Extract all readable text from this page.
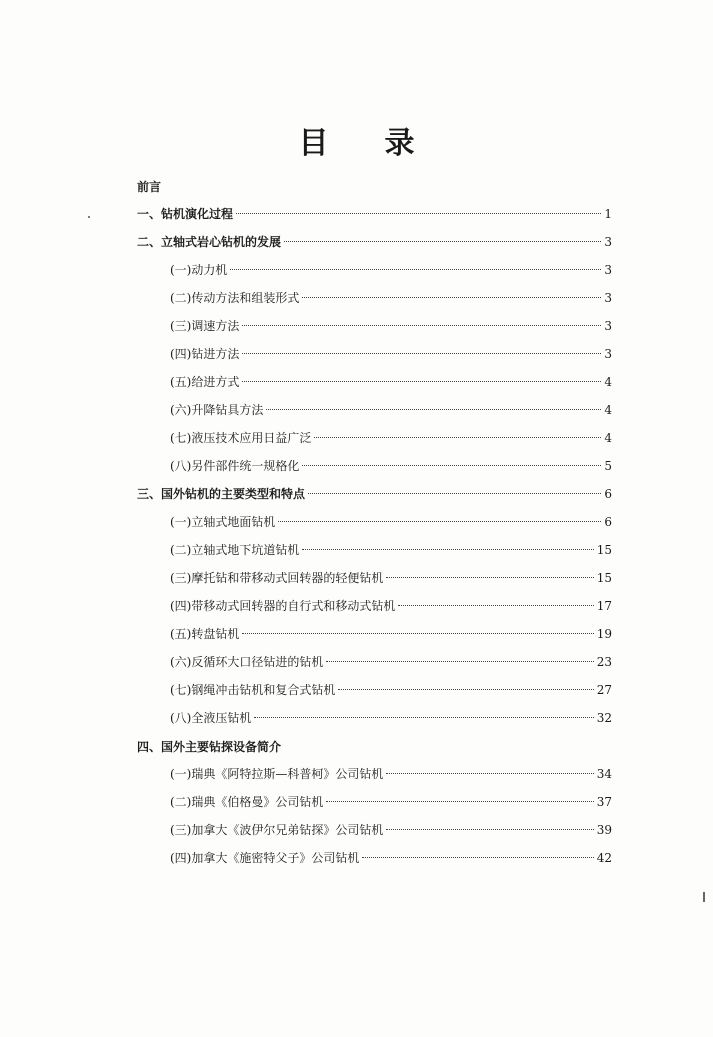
目 录
前言
一、钻机演化过程	1
二、立轴式岩心钻机的发展	3
(一)动力机	3
(二)传动方法和组装形式	3
(三)调速方法	3
(四)钻进方法	3
(五)给进方式	4
(六)升降钻具方法	4
(七)液压技术应用日益广泛	4
(八)另件部件统一规格化	5
三、国外钻机的主要类型和特点	6
(一)立轴式地面钻机	6
(二)立轴式地下坑道钻机	15
(三)摩托钻和带移动式回转器的轻便钻机	15
(四)带移动式回转器的自行式和移动式钻机	17
(五)转盘钻机	19
(六)反循环大口径钻进的钻机	23
(七)钢绳冲击钻机和复合式钻机	27
(八)全液压钻机	32
四、国外主要钻探设备简介
(一)瑞典《阿特拉斯—科普柯》公司钻机	34
(二)瑞典《伯格曼》公司钻机	37
(三)加拿大《波伊尔兄弟钻探》公司钻机	39
(四)加拿大《施密特父子》公司钻机	42
